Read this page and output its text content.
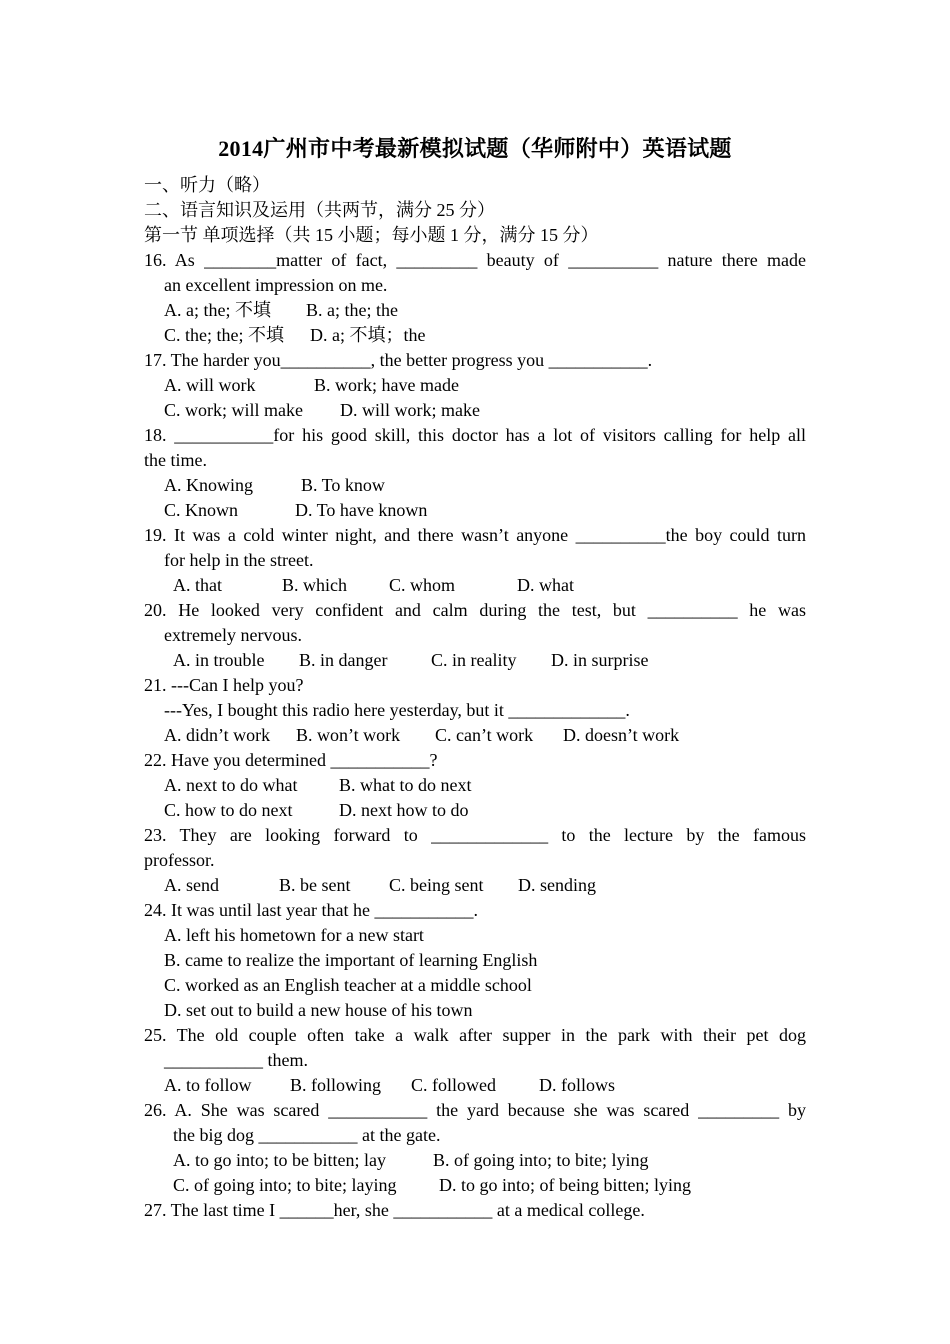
2014广州市中考最新模拟试题（华师附中）英语试题
一、听力（略）
二、语言知识及运用（共两节，满分 25 分）
第一节 单项选择（共 15 小题；每小题 1 分，满分 15 分）
16. As ________matter of fact, _________ beauty of __________ nature there made
an excellent impression on me.
A. a; the; 不填 B. a; the; the
C. the; the; 不填 D. a; 不填；the
17. The harder you__________, the better progress you ___________.
A. will work	B. work; have made
C. work; will make D. will work; make
18. ___________for his good skill, this doctor has a lot of visitors calling for help all
the time.
A. Knowing	B. To know
C. Known	D. To have known
19. It was a cold winter night, and there wasn’t anyone __________the boy could turn
for help in the street.
A. that	B. which C. whom	D. what
20. He looked very confident and calm during the test, but __________ he was
extremely nervous.
A. in trouble B. in danger C. in reality D. in surprise
21. ---Can I help you?
---Yes, I bought this radio here yesterday, but it _____________.
A. didn’t work B. won’t work C. can’t work D. doesn’t work
22. Have you determined ___________?
A. next to do what B. what to do next
C. how to do next	D. next how to do
23. They are looking forward to _____________ to the lecture by the famous
professor.
A. send	B. be sent C. being sent D. sending
24. It was until last year that he ___________.
A. left his hometown for a new start
B. came to realize the important of learning English
C. worked as an English teacher at a middle school
D. set out to build a new house of his town
25. The old couple often take a walk after supper in the park with their pet dog
___________ them.
A. to follow B. following C. followed D. follows
26. A. She was scared ___________ the yard because she was scared _________ by
the big dog ___________ at the gate.
A. to go into; to be bitten; lay	B. of going into; to bite; lying
C. of going into; to bite; laying D. to go into; of being bitten; lying
27. The last time I ______her, she ___________ at a medical college.
